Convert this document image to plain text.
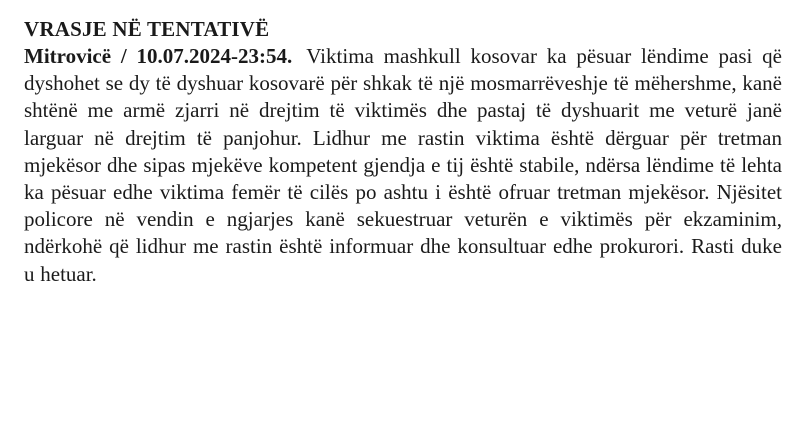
VRASJE NË TENTATIVË

Mitrovicë / 10.07.2024-23:54. Viktima mashkull kosovar ka pësuar lëndime pasi që dyshohet se dy të dyshuar kosovarë për shkak të një mosmarrëveshje të mëhershme, kanë shtënë me armë zjarri në drejtim të viktimës dhe pastaj të dyshuarit me veturë janë larguar në drejtim të panjohur. Lidhur me rastin viktima është dërguar për tretman mjekësor dhe sipas mjekëve kompetent gjendja e tij është stabile, ndërsa lëndime të lehta ka pësuar edhe viktima femër të cilës po ashtu i është ofruar tretman mjekësor. Njësitet policore në vendin e ngjarjes kanë sekuestruar veturën e viktimës për ekzaminim, ndërkohë që lidhur me rastin është informuar dhe konsultuar edhe prokurori. Rasti duke u hetuar.
